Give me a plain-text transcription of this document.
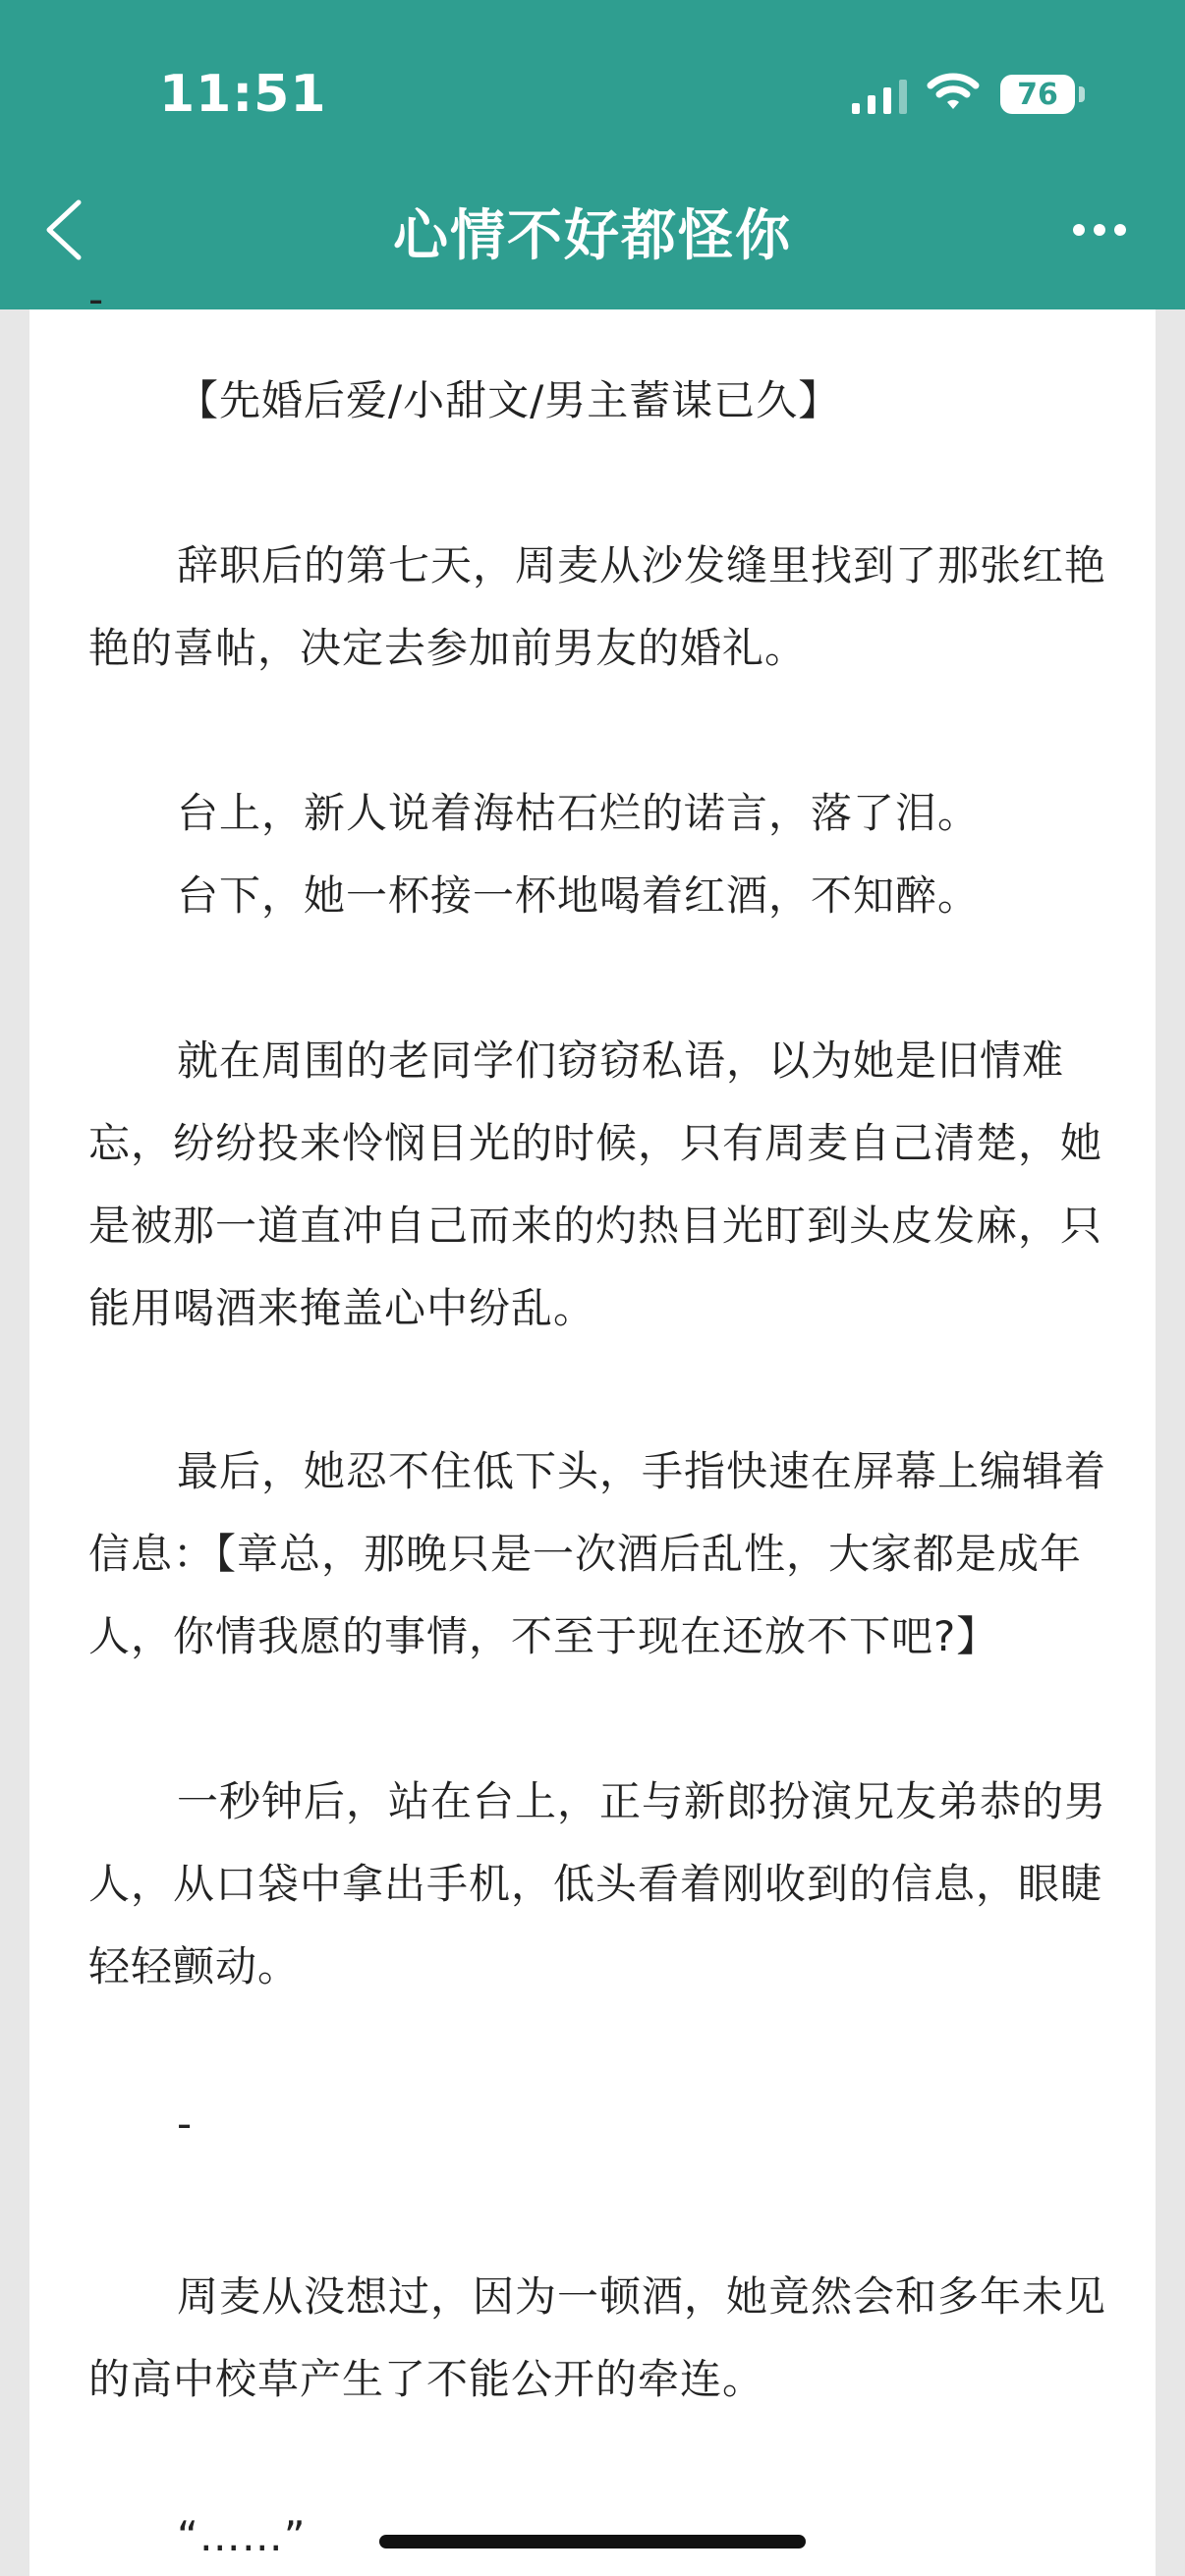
11:51	76
心情不好都怪你
-
【先婚后爱/小甜文/男主蓄谋已久】
辞职后的第七天，周麦从沙发缝里找到了那张红艳
艳的喜帖，决定去参加前男友的婚礼。
台上，新人说着海枯石烂的诺言，落了泪。
台下，她一杯接一杯地喝着红酒，不知醉。
就在周围的老同学们窃窃私语，以为她是旧情难
忘，纷纷投来怜悯目光的时候，只有周麦自己清楚，她
是被那一道直冲自己而来的灼热目光盯到头皮发麻，只
能用喝酒来掩盖心中纷乱。
最后，她忍不住低下头，手指快速在屏幕上编辑着
信息：【章总，那晚只是一次酒后乱性，大家都是成年
人，你情我愿的事情，不至于现在还放不下吧?】
一秒钟后，站在台上，正与新郎扮演兄友弟恭的男
人，从口袋中拿出手机，低头看着刚收到的信息，眼睫
轻轻颤动。
-
周麦从没想过，因为一顿酒，她竟然会和多年未见
的高中校草产生了不能公开的牵连。
“……”
